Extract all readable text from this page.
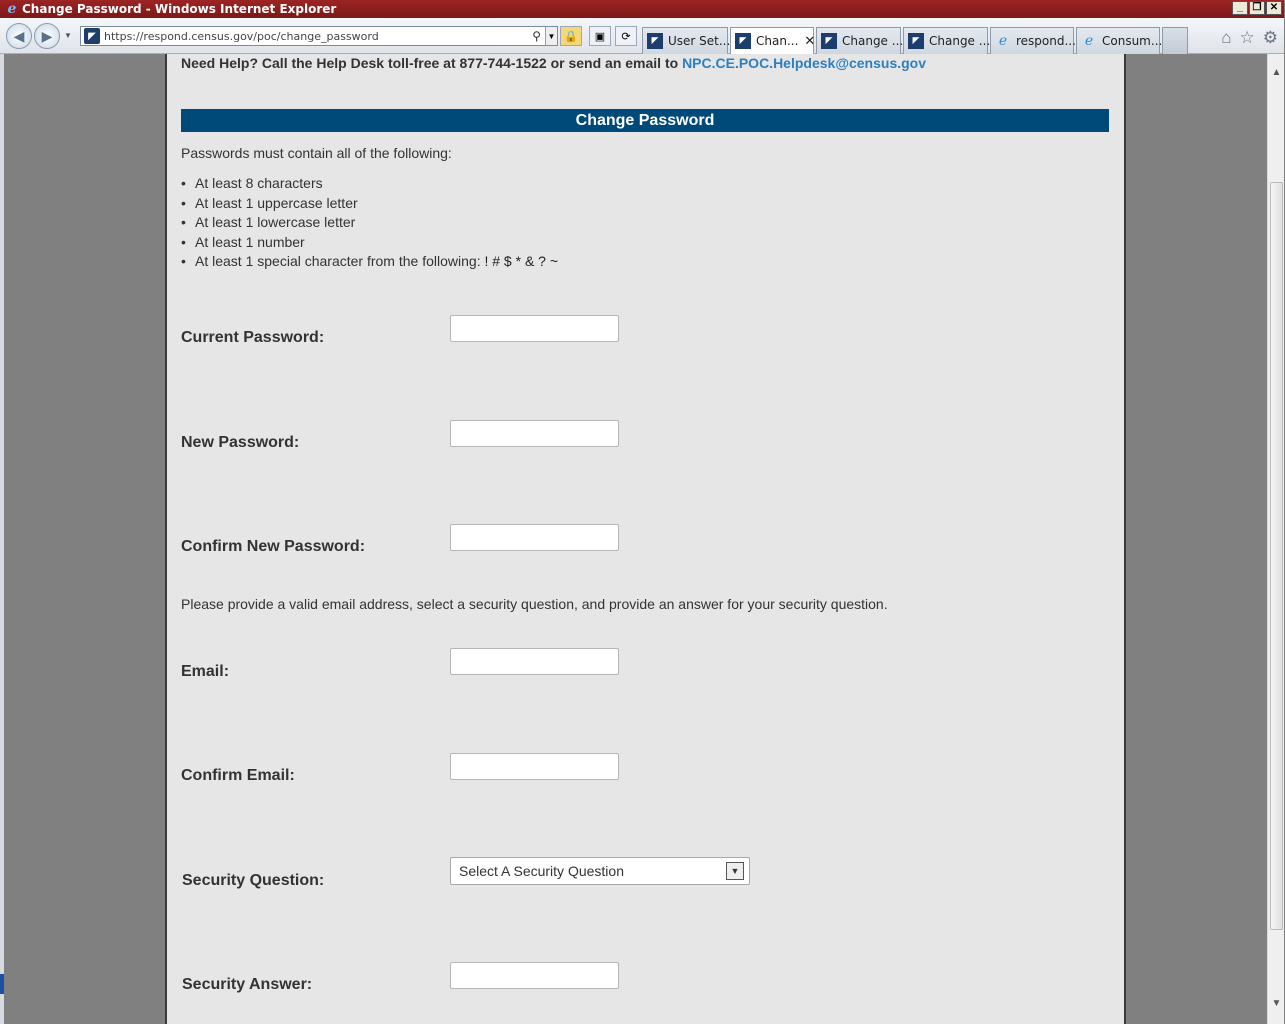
e Change Password - Windows Internet Explorer	_ ❐ ✕
◀	▶	▼	◤ https://respond.census.gov/poc/change_password	⚲ ▼ 🔒	▣	⟳	◤ User Set...	◤ Chan... ✕	◤ Change ...	◤ Change ... e respond... e Consum...	⌂ ☆ ⚙
Need Help? Call the Help Desk toll-free at 877-744-1522 or send an email to NPC.CE.POC.Helpdesk@census.gov
Change Password
Passwords must contain all of the following:
• At least 8 characters
• At least 1 uppercase letter
• At least 1 lowercase letter
• At least 1 number
• At least 1 special character from the following: ! # $ * & ? ~
Current Password:
New Password:
Confirm New Password:
Please provide a valid email address, select a security question, and provide an answer for your security question.
Email:
Confirm Email:
Security Question:
Select A Security Question	▼
Security Answer:
▲
▼
